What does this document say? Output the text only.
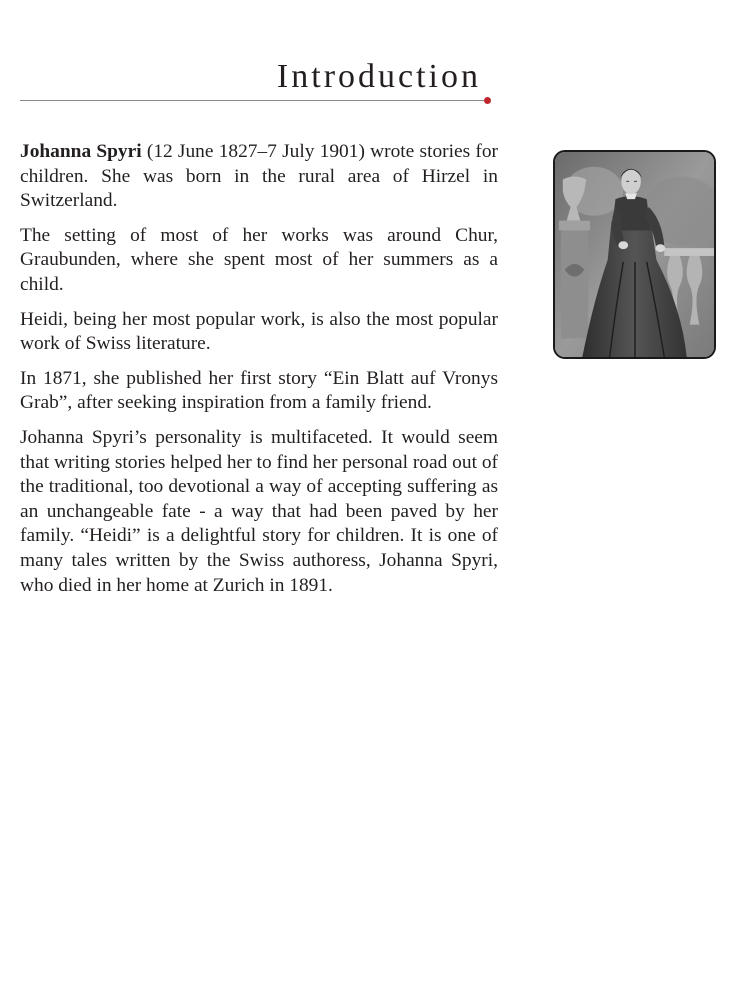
Introduction

Johanna Spyri (12 June 1827–7 July 1901) wrote stories for children. She was born in the rural area of Hirzel in Switzerland.

The setting of most of her works was around Chur, Graubunden, where she spent most of her summers as a child.

Heidi, being her most popular work, is also the most popular work of Swiss literature.

In 1871, she published her first story “Ein Blatt auf Vronys Grab”, after seeking inspiration from a family friend.

Johanna Spyri’s personality is multifaceted. It would seem that writing stories helped her to find her personal road out of the traditional, too devotional a way of accepting suffering as an unchangeable fate - a way that had been paved by her family. “Heidi” is a delightful story for children. It is one of many tales written by the Swiss authoress, Johanna Spyri, who died in her home at Zurich in 1891.
